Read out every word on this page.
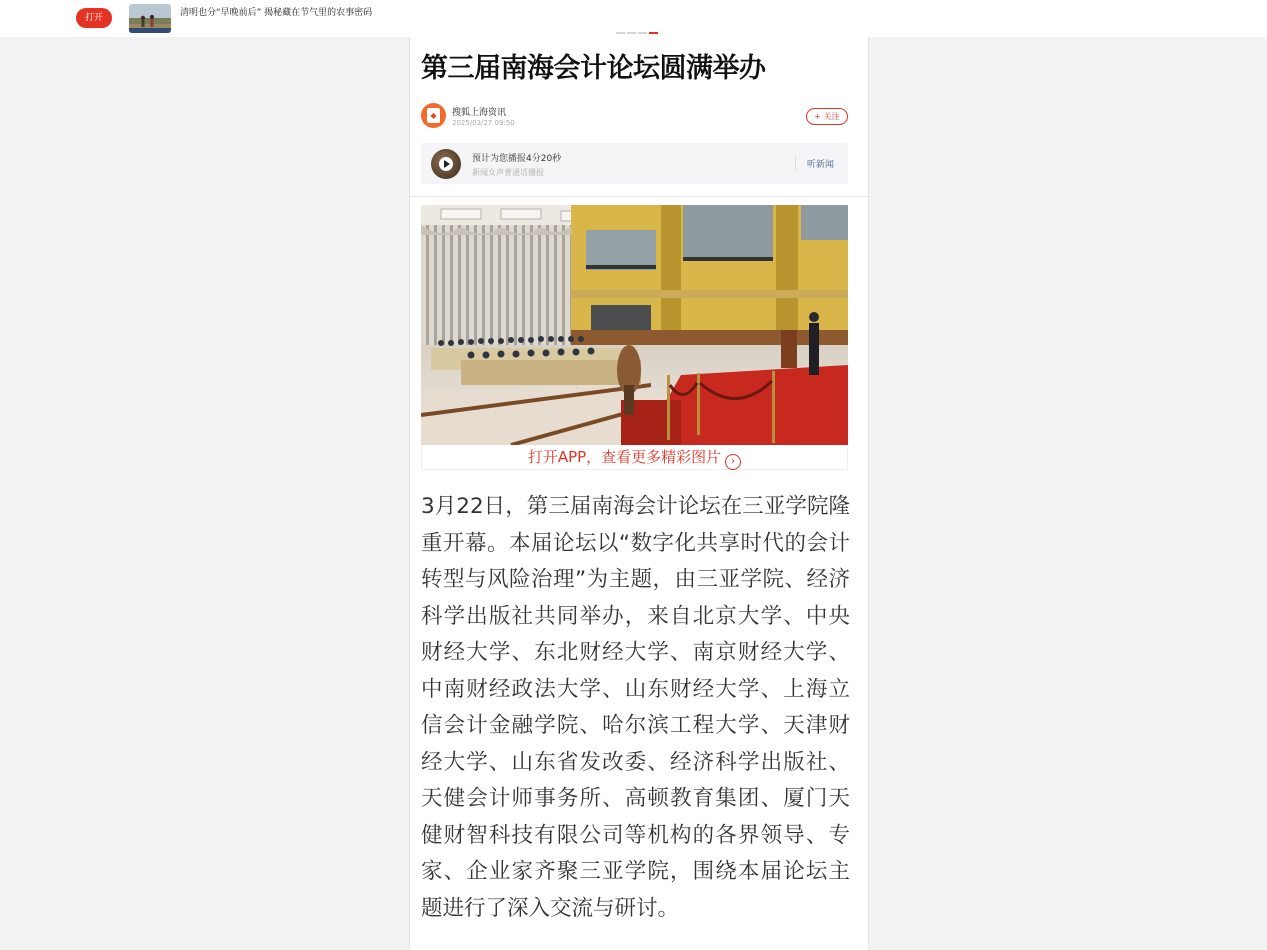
打开	清明也分“早晚前后” 揭秘藏在节气里的农事密码
第三届南海会计论坛圆满举办
◆	搜狐上海资讯
2025/03/27 09:50
+ 关注
预计为您播报4分20秒
新闻女声普通话播报
听新闻
打开APP，查看更多精彩图片 ›

3月22日，第三届南海会计论坛在三亚学院隆重开幕。本届论坛以“数字化共享时代的会计转型与风险治理”为主题，由三亚学院、经济科学出版社共同举办，来自北京大学、中央财经大学、东北财经大学、南京财经大学、中南财经政法大学、山东财经大学、上海立信会计金融学院、哈尔滨工程大学、天津财经大学、山东省发改委、经济科学出版社、天健会计师事务所、高顿教育集团、厦门天健财智科技有限公司等机构的各界领导、专家、企业家齐聚三亚学院，围绕本届论坛主题进行了深入交流与研讨。
